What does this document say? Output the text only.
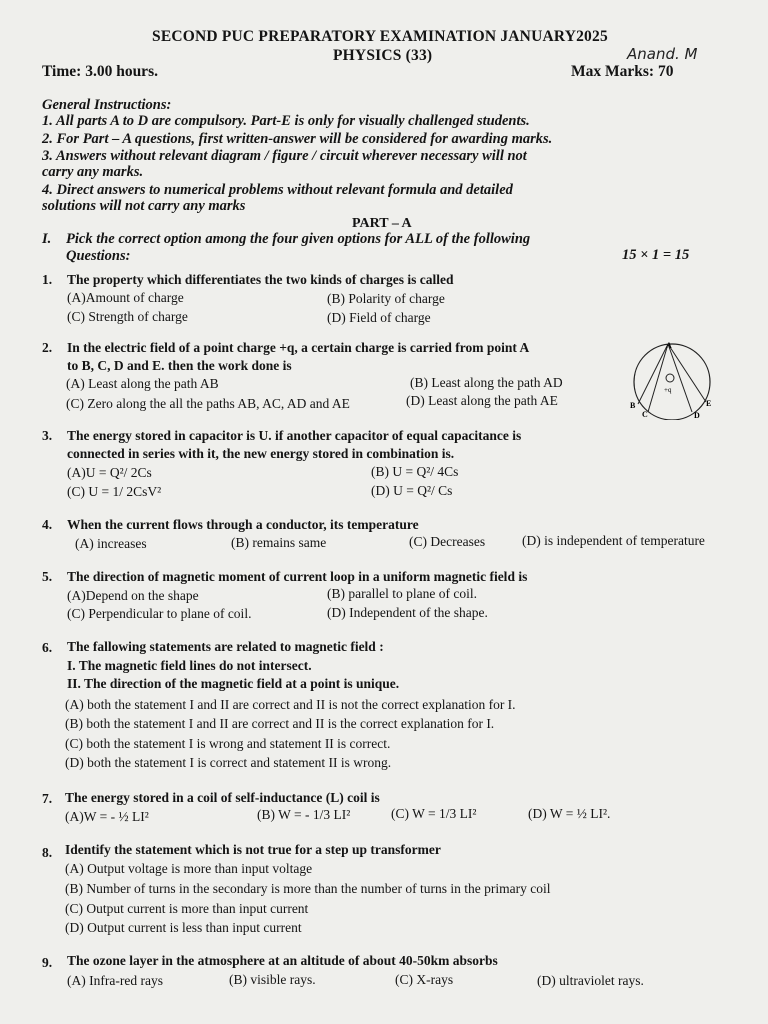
SECOND PUC PREPARATORY EXAMINATION JANUARY2025
PHYSICS (33)	Anand. M
Time: 3.00 hours.	Max Marks: 70
General Instructions:
1. All parts A to D are compulsory. Part-E is only for visually challenged students.
2. For Part – A questions, first written-answer will be considered for awarding marks.
3. Answers without relevant diagram / figure / circuit wherever necessary will not
carry any marks.
4. Direct answers to numerical problems without relevant formula and detailed
solutions will not carry any marks
PART – A
I. Pick the correct option among the four given options for ALL of the following
Questions:	15 × 1 = 15
1. The property which differentiates the two kinds of charges is called
(A)Amount of charge	(B) Polarity of charge
(C) Strength of charge	(D) Field of charge
2. In the electric field of a point charge +q, a certain charge is carried from point A
to B, C, D and E. then the work done is
(A) Least along the path AB	(B) Least along the path AD
(C) Zero along the all the paths AB, AC, AD and AE	(D) Least along the path AE
A
B
C	D
E
+q
3. The energy stored in capacitor is U. if another capacitor of equal capacitance is
connected in series with it, the new energy stored in combination is.
(A)U = Q²/ 2Cs	(B) U = Q²/ 4Cs
(C) U = 1/ 2CsV²	(D) U = Q²/ Cs
4. When the current flows through a conductor, its temperature
(A) increases	(B) remains same	(C) Decreases	(D) is independent of temperature
5. The direction of magnetic moment of current loop in a uniform magnetic field is
(A)Depend on the shape	(B) parallel to plane of coil.
(C) Perpendicular to plane of coil.	(D) Independent of the shape.
6. The fallowing statements are related to magnetic field :
I. The magnetic field lines do not intersect.
II. The direction of the magnetic field at a point is unique.
(A) both the statement I and II are correct and II is not the correct explanation for I.
(B) both the statement I and II are correct and II is the correct explanation for I.
(C) both the statement I is wrong and statement II is correct.
(D) both the statement I is correct and statement II is wrong.
7. The energy stored in a coil of self-inductance (L) coil is
(A)W = - ½ LI²	(B) W = - 1/3 LI²	(C) W = 1/3 LI²	(D) W = ½ LI².
8. Identify the statement which is not true for a step up transformer
(A) Output voltage is more than input voltage
(B) Number of turns in the secondary is more than the number of turns in the primary coil
(C) Output current is more than input current
(D) Output current is less than input current
9. The ozone layer in the atmosphere at an altitude of about 40-50km absorbs
(A) Infra-red rays	(B) visible rays.	(C) X-rays	(D) ultraviolet rays.
